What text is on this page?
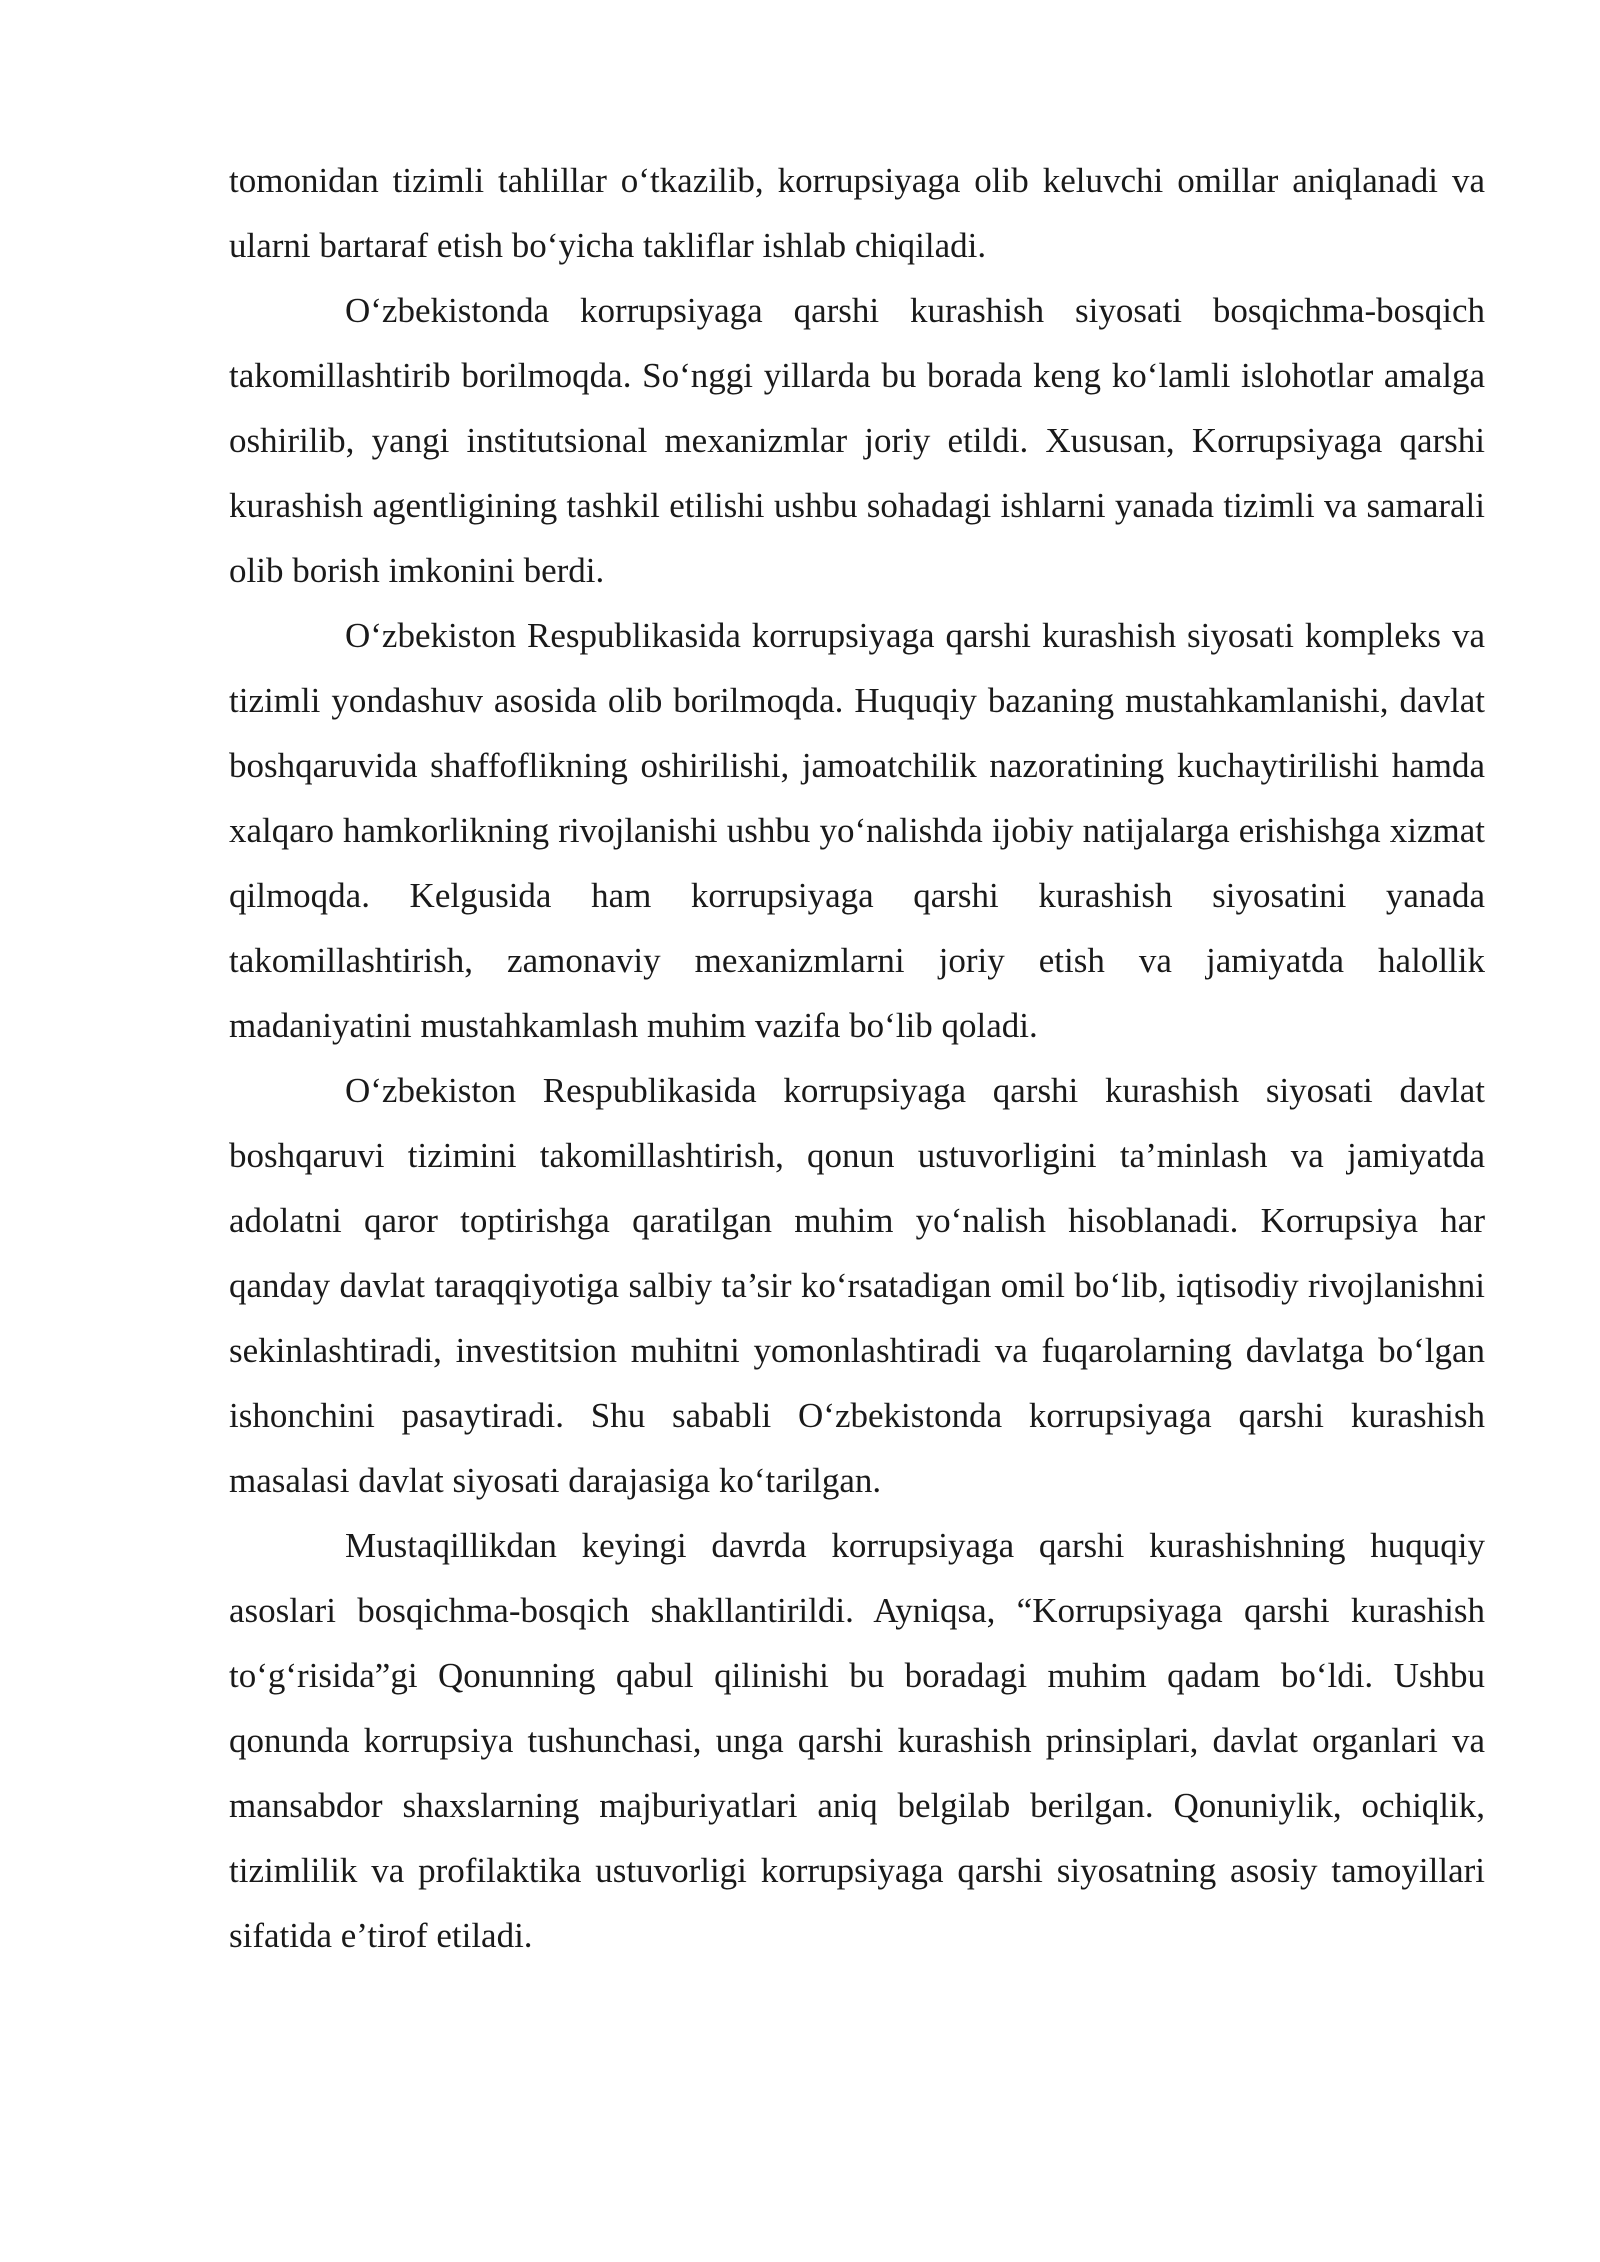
tomonidan tizimli tahlillar o‘tkazilib, korrupsiyaga olib keluvchi omillar aniqlanadi va ularni bartaraf etish bo‘yicha takliflar ishlab chiqiladi.

O‘zbekistonda korrupsiyaga qarshi kurashish siyosati bosqichma-bosqich takomillashtirib borilmoqda. So‘nggi yillarda bu borada keng ko‘lamli islohotlar amalga oshirilib, yangi institutsional mexanizmlar joriy etildi. Xususan, Korrupsiyaga qarshi kurashish agentligining tashkil etilishi ushbu sohadagi ishlarni yanada tizimli va samarali olib borish imkonini berdi.

O‘zbekiston Respublikasida korrupsiyaga qarshi kurashish siyosati kompleks va tizimli yondashuv asosida olib borilmoqda. Huquqiy bazaning mustahkamlanishi, davlat boshqaruvida shaffoflikning oshirilishi, jamoatchilik nazoratining kuchaytirilishi hamda xalqaro hamkorlikning rivojlanishi ushbu yo‘nalishda ijobiy natijalarga erishishga xizmat qilmoqda. Kelgusida ham korrupsiyaga qarshi kurashish siyosatini yanada takomillashtirish, zamonaviy mexanizmlarni joriy etish va jamiyatda halollik madaniyatini mustahkamlash muhim vazifa bo‘lib qoladi.

O‘zbekiston Respublikasida korrupsiyaga qarshi kurashish siyosati davlat boshqaruvi tizimini takomillashtirish, qonun ustuvorligini ta’minlash va jamiyatda adolatni qaror toptirishga qaratilgan muhim yo‘nalish hisoblanadi. Korrupsiya har qanday davlat taraqqiyotiga salbiy ta’sir ko‘rsatadigan omil bo‘lib, iqtisodiy rivojlanishni sekinlashtiradi, investitsion muhitni yomonlashtiradi va fuqarolarning davlatga bo‘lgan ishonchini pasaytiradi. Shu sababli O‘zbekistonda korrupsiyaga qarshi kurashish masalasi davlat siyosati darajasiga ko‘tarilgan.

Mustaqillikdan keyingi davrda korrupsiyaga qarshi kurashishning huquqiy asoslari bosqichma-bosqich shakllantirildi. Ayniqsa, “Korrupsiyaga qarshi kurashish to‘g‘risida”gi Qonunning qabul qilinishi bu boradagi muhim qadam bo‘ldi. Ushbu qonunda korrupsiya tushunchasi, unga qarshi kurashish prinsiplari, davlat organlari va mansabdor shaxslarning majburiyatlari aniq belgilab berilgan. Qonuniylik, ochiqlik, tizimlilik va profilaktika ustuvorligi korrupsiyaga qarshi siyosatning asosiy tamoyillari sifatida e’tirof etiladi.
